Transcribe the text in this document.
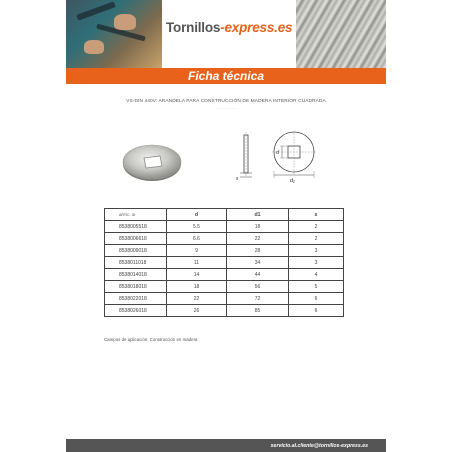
Tornillos-express.es
Ficha técnica
VS-DIN 440V: ARANDELA PARA CONSTRUCCIÓN DE MADERA INTERIOR CUADRADA
·························
s
d
d₁
ARTÍC. ID	d	d1	s
8538005518	5.5	18	2
8538006618	6.6	22	2
8538009018	9	28	3
8538011018	11	34	3
8538014018	14	44	4
8538018018	18	56	5
8538022018	22	72	6
8538026018	26	85	6
Campos de aplicación: Construcción en madera
servicio.al.cliente@tornillos-express.es
